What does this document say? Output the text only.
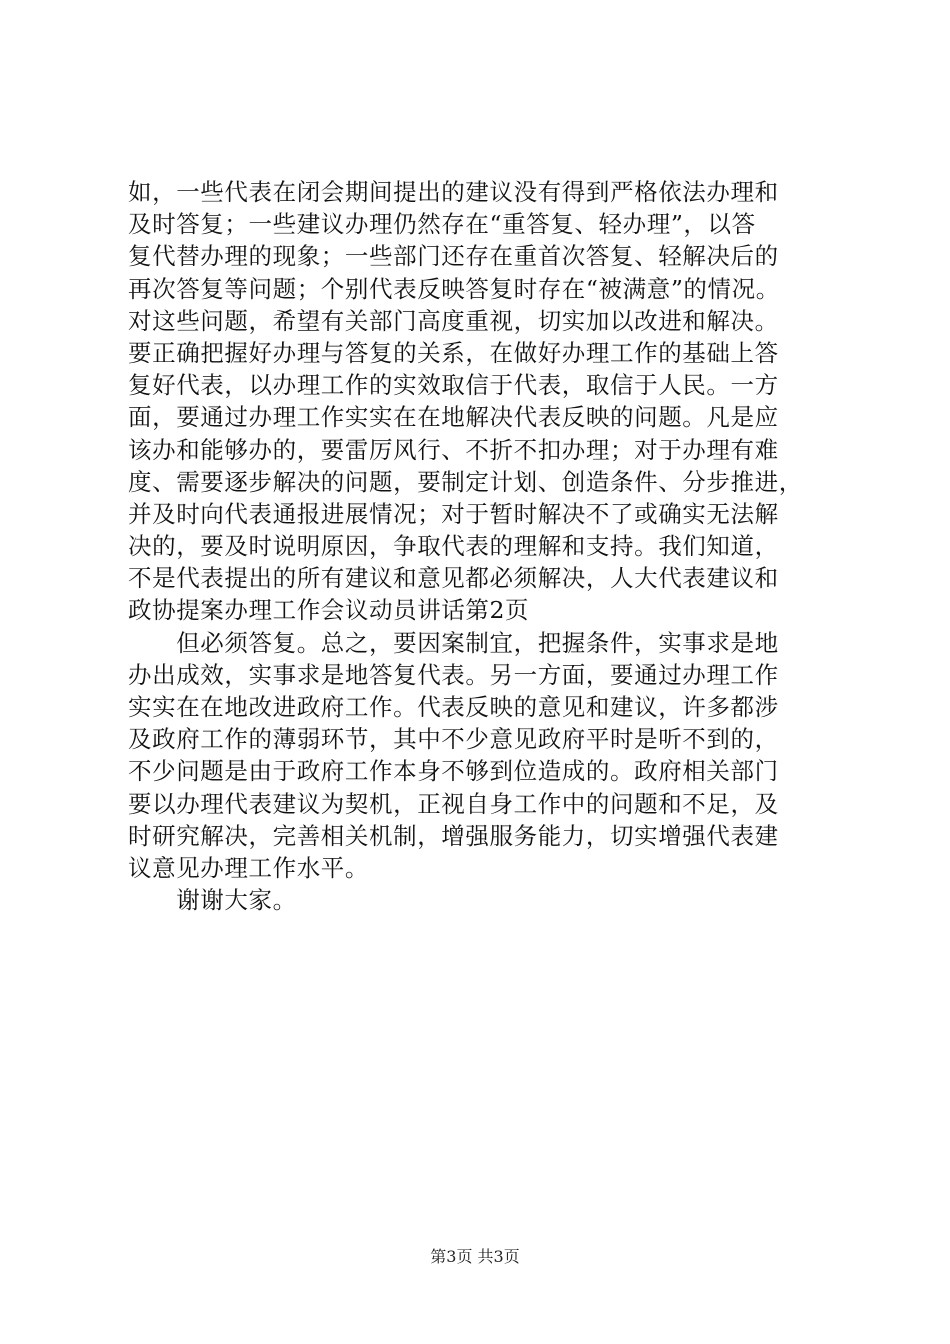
如，一些代表在闭会期间提出的建议没有得到严格依法办理和
及时答复；一些建议办理仍然存在“重答复、轻办理”，以答
复代替办理的现象；一些部门还存在重首次答复、轻解决后的
再次答复等问题；个别代表反映答复时存在“被满意”的情况。
对这些问题，希望有关部门高度重视，切实加以改进和解决。
要正确把握好办理与答复的关系，在做好办理工作的基础上答
复好代表，以办理工作的实效取信于代表，取信于人民。一方
面，要通过办理工作实实在在地解决代表反映的问题。凡是应
该办和能够办的，要雷厉风行、不折不扣办理；对于办理有难
度、需要逐步解决的问题，要制定计划、创造条件、分步推进，
并及时向代表通报进展情况；对于暂时解决不了或确实无法解
决的，要及时说明原因，争取代表的理解和支持。我们知道，
不是代表提出的所有建议和意见都必须解决，人大代表建议和
政协提案办理工作会议动员讲话第2页
　　但必须答复。总之，要因案制宜，把握条件，实事求是地
办出成效，实事求是地答复代表。另一方面，要通过办理工作
实实在在地改进政府工作。代表反映的意见和建议，许多都涉
及政府工作的薄弱环节，其中不少意见政府平时是听不到的，
不少问题是由于政府工作本身不够到位造成的。政府相关部门
要以办理代表建议为契机，正视自身工作中的问题和不足，及
时研究解决，完善相关机制，增强服务能力，切实增强代表建
议意见办理工作水平。
　　谢谢大家。
第3页 共3页
